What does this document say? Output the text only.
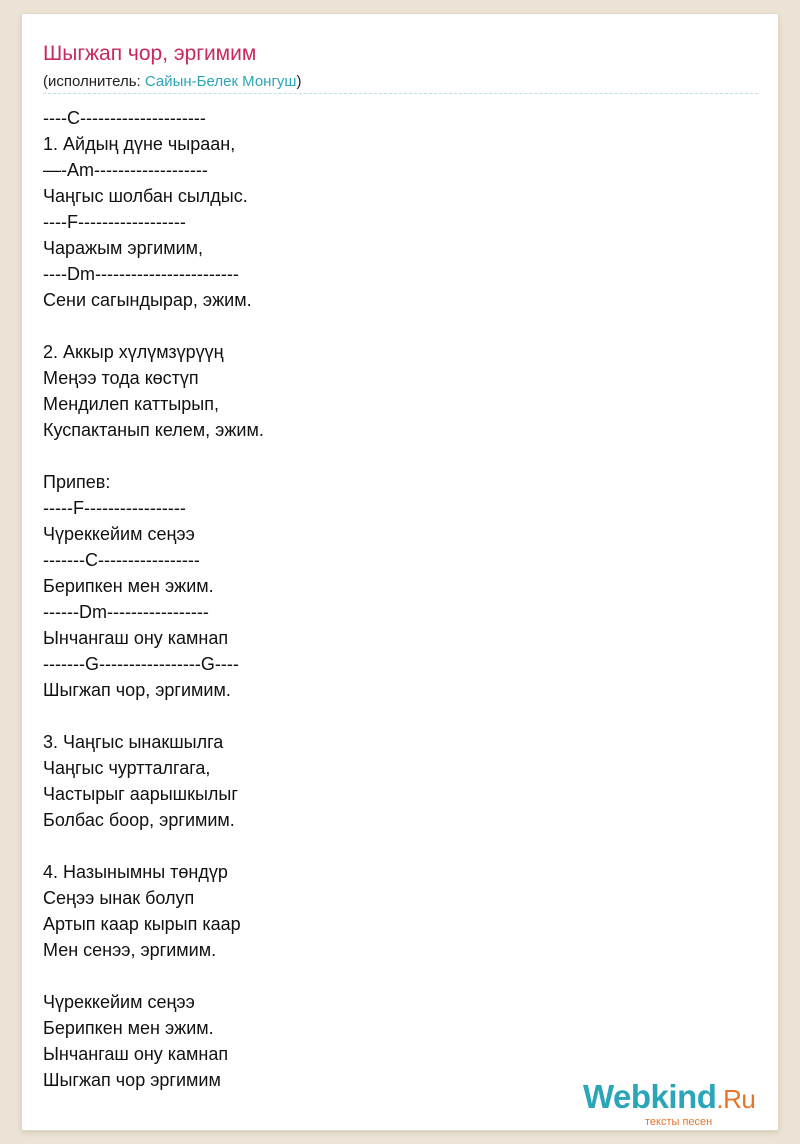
Шыгжап чор, эргимим
(исполнитель: Сайын-Белек Монгуш)
----C---------------------
1. Айдың дүне чыраан,
—-Am-------------------
Чаңгыс шолбан сылдыс.
----F------------------
Чаражым эргимим,
----Dm------------------------
Сени сагындырар, эжим.
2. Аккыр хүлүмзүрүүң
Меңээ тода көстүп
Мендилеп каттырып,
Куспактанып келем, эжим.
Припев:
-----F-----------------
Чүреккейим сеңээ
-------C-----------------
Берипкен мен эжим.
------Dm-----------------
Ынчангаш ону камнап
-------G-----------------G----
Шыгжап чор, эргимим.
3. Чаңгыс ынакшылга
Чаңгыс чуртталгага,
Частырыг аарышкылыг
Болбас боор, эргимим.
4. Назынымны төндүр
Сеңээ ынак болуп
Артып каар кырып каар
Мен сенээ, эргимим.
Чүреккейим сеңээ
Берипкен мен эжим.
Ынчангаш ону камнап
Шыгжап чор эргимим	Webkind.Ru
тексты песен
